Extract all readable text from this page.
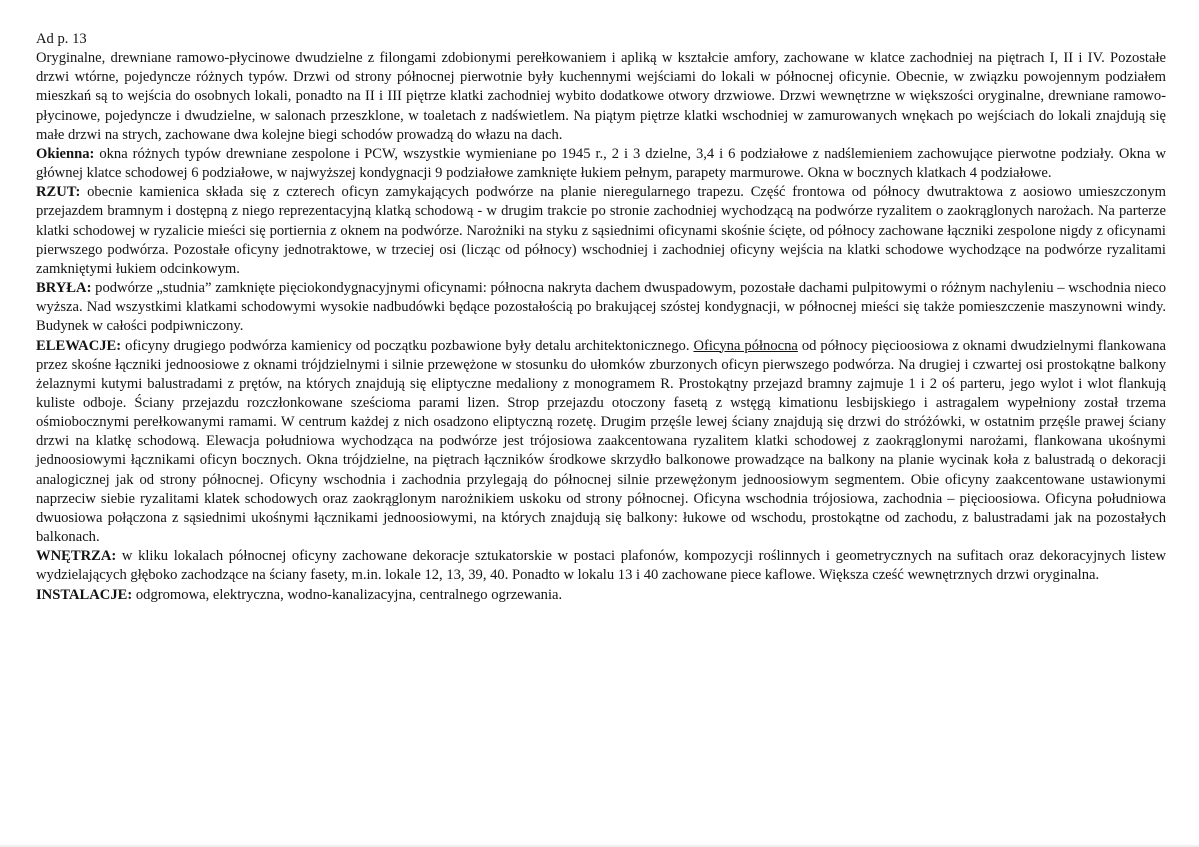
Ad p. 13

Oryginalne, drewniane ramowo-płycinowe dwudzielne z filongami zdobionymi perełkowaniem i apliką w kształcie amfory, zachowane w klatce zachodniej na piętrach I, II i IV. Pozostałe drzwi wtórne, pojedyncze różnych typów. Drzwi od strony północnej pierwotnie były kuchennymi wejściami do lokali w północnej oficynie. Obecnie, w związku powojennym podziałem mieszkań są to wejścia do osobnych lokali, ponadto na II i III piętrze klatki zachodniej wybito dodatkowe otwory drzwiowe. Drzwi wewnętrzne w większości oryginalne, drewniane ramowo-płycinowe, pojedyncze i dwudzielne, w salonach przeszklone, w toaletach z nadświetlem. Na piątym piętrze klatki wschodniej w zamurowanych wnękach po wejściach do lokali znajdują się małe drzwi na strych, zachowane dwa kolejne biegi schodów prowadzą do włazu na dach.

Okienna: okna różnych typów drewniane zespolone i PCW, wszystkie wymieniane po 1945 r., 2 i 3 dzielne, 3,4 i 6 podziałowe z nadślemieniem zachowujące pierwotne podziały. Okna w głównej klatce schodowej 6 podziałowe, w najwyższej kondygnacji 9 podziałowe zamknięte łukiem pełnym, parapety marmurowe. Okna w bocznych klatkach 4 podziałowe.

RZUT: obecnie kamienica składa się z czterech oficyn zamykających podwórze na planie nieregularnego trapezu. Część frontowa od północy dwutraktowa z aosiowo umieszczonym przejazdem bramnym i dostępną z niego reprezentacyjną klatką schodową - w drugim trakcie po stronie zachodniej wychodzącą na podwórze ryzalitem o zaokrąglonych narożach. Na parterze klatki schodowej w ryzalicie mieści się portiernia z oknem na podwórze. Narożniki na styku z sąsiednimi oficynami skośnie ścięte, od północy zachowane łączniki zespolone nigdy z oficynami pierwszego podwórza. Pozostałe oficyny jednotraktowe, w trzeciej osi (licząc od północy) wschodniej i zachodniej oficyny wejścia na klatki schodowe wychodzące na podwórze ryzalitami zamkniętymi łukiem odcinkowym.

BRYŁA: podwórze „studnia” zamknięte pięciokondygnacyjnymi oficynami: północna nakryta dachem dwuspadowym, pozostałe dachami pulpitowymi o różnym nachyleniu – wschodnia nieco wyższa. Nad wszystkimi klatkami schodowymi wysokie nadbudówki będące pozostałością po brakującej szóstej kondygnacji, w północnej mieści się także pomieszczenie maszynowni windy. Budynek w całości podpiwniczony.

ELEWACJE: oficyny drugiego podwórza kamienicy od początku pozbawione były detalu architektonicznego. Oficyna północna od północy pięcioosiowa z oknami dwudzielnymi flankowana przez skośne łączniki jednoosiowe z oknami trójdzielnymi i silnie przewężone w stosunku do ułomków zburzonych oficyn pierwszego podwórza. Na drugiej i czwartej osi prostokątne balkony żelaznymi kutymi balustradami z prętów, na których znajdują się eliptyczne medaliony z monogramem R. Prostokątny przejazd bramny zajmuje 1 i 2 oś parteru, jego wylot i wlot flankują kuliste odboje. Ściany przejazdu rozczłonkowane sześcioma parami lizen. Strop przejazdu otoczony fasetą z wstęgą kimationu lesbijskiego i astragalem wypełniony został trzema ośmiobocznymi perełkowanymi ramami. W centrum każdej z nich osadzono eliptyczną rozetę. Drugim przęśle lewej ściany znajdują się drzwi do stróżówki, w ostatnim przęśle prawej ściany drzwi na klatkę schodową. Elewacja południowa wychodząca na podwórze jest trójosiowa zaakcentowana ryzalitem klatki schodowej z zaokrąglonymi narożami, flankowana ukośnymi jednoosiowymi łącznikami oficyn bocznych. Okna trójdzielne, na piętrach łączników środkowe skrzydło balkonowe prowadzące na balkony na planie wycinak koła z balustradą o dekoracji analogicznej jak od strony północnej. Oficyny wschodnia i zachodnia przylegają do północnej silnie przewężonym jednoosiowym segmentem. Obie oficyny zaakcentowane ustawionymi naprzeciw siebie ryzalitami klatek schodowych oraz zaokrąglonym narożnikiem uskoku od strony północnej. Oficyna wschodnia trójosiowa, zachodnia – pięcioosiowa. Oficyna południowa dwuosiowa połączona z sąsiednimi ukośnymi łącznikami jednoosiowymi, na których znajdują się balkony: łukowe od wschodu, prostokątne od zachodu, z balustradami jak na pozostałych balkonach.

WNĘTRZA: w kliku lokalach północnej oficyny zachowane dekoracje sztukatorskie w postaci plafonów, kompozycji roślinnych i geometrycznych na sufitach oraz dekoracyjnych listew wydzielających głęboko zachodzące na ściany fasety, m.in. lokale 12, 13, 39, 40. Ponadto w lokalu 13 i 40 zachowane piece kaflowe. Większa cześć wewnętrznych drzwi oryginalna.

INSTALACJE: odgromowa, elektryczna, wodno-kanalizacyjna, centralnego ogrzewania.
